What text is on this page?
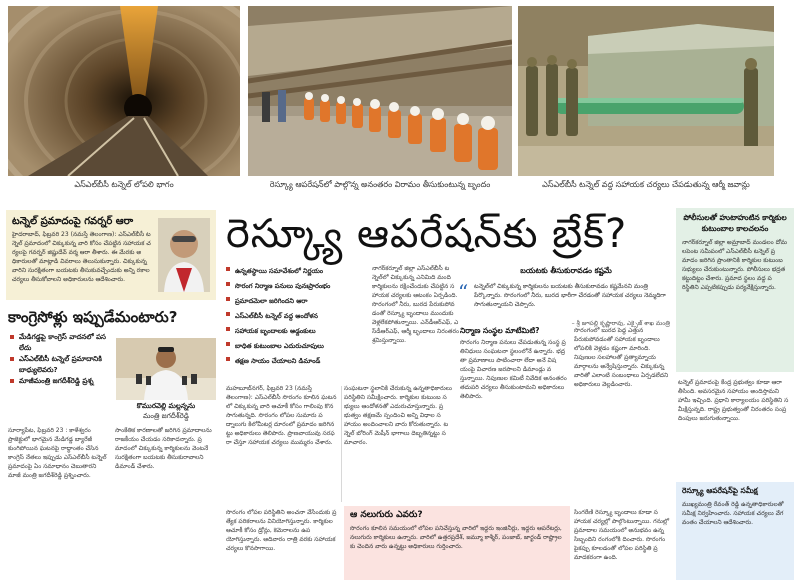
ఎస్‌ఎల్‌బీసీ టన్నెల్ లోపలి భాగం	రెస్క్యూ ఆపరేషన్‌లో పాల్గొన్న అనంతరం విరామం తీసుకుంటున్న బృందం	ఎస్‌ఎల్‌బీసీ టన్నెల్ వద్ద సహాయక చర్యలు చేపడుతున్న ఆర్మీ జవాన్లు
టన్నెల్ ప్రమాదంపై గవర్నర్ ఆరా
హైదరాబాద్, ఫిబ్రవరి 23 (నమస్తే తెలంగాణ): ఎస్‌ఎల్‌బీసీ టన్నెల్ ప్రమాదంలో చిక్కుకున్న వారి కోసం చేపట్టిన సహాయక చర్యలపై గవర్నర్ జిష్ణుదేవ్ వర్మ ఆరా తీశారు. ఈ మేరకు అధికారులతో మాట్లాడి వివరాలు తెలుసుకున్నారు. చిక్కుకున్న వారిని సురక్షితంగా బయటకు తీసుకువచ్చేందుకు అన్ని రకాల చర్యలు తీసుకోవాలని అధికారులను ఆదేశించారు.
కాంగ్రెసోళ్లు ఇప్పుడేమంటారు?
మేడిగడ్డపై కాంగ్రెస్ వాదనలో పస లేదు
ఎస్‌ఎల్‌బీసీ టన్నెల్ ప్రమాదానికి బాధ్యులెవరు?
మాజీమంత్రి జగదీశ్‌రెడ్డి ప్రశ్న
కొమురవెల్లి మల్లన్నను
మంత్రి జగదీశ్‌రెడ్డి
సూర్యాపేట, ఫిబ్రవరి 23 : కాళేశ్వరం ప్రాజెక్టులో భాగమైన మేడిగడ్డ బ్యారేజీ కుంగిపోయిన ఘటనపై రాద్ధాంతం చేసిన కాంగ్రెస్ నేతలు ఇప్పుడు ఎస్‌ఎల్‌బీసీ టన్నెల్ ప్రమాదంపై ఏం సమాధానం చెబుతారని మాజీ మంత్రి జగదీశ్‌రెడ్డి ప్రశ్నించారు. సాంకేతిక కారణాలతో జరిగిన ప్రమాదాలను రాజకీయం చేయడం సరికాదన్నారు. ప్రమాదంలో చిక్కుకున్న కార్మికులను వెంటనే సురక్షితంగా బయటకు తీసుకురావాలని డిమాండ్ చేశారు.
రెస్క్యూ ఆపరేషన్‌కు బ్రేక్?
ఉన్నతస్థాయి సమావేశంలో నిర్ణయం
సొరంగ నిర్మాణ పనులు పునఃప్రారంభం
ప్రమాదమెలా జరిగిందని ఆరా
ఎస్‌ఎల్‌బీసీ టన్నెల్ వద్ద ఆందోళన
సహాయక బృందాలకు అడ్డంకులు
బాధిత కుటుంబాల ఎదురుచూపులు
తక్షణ సాయం చేయాలని డిమాండ్
నాగర్‌కర్నూల్ జిల్లా ఎస్‌ఎల్‌బీసీ టన్నెల్‌లో చిక్కుకున్న ఎనిమిది మంది కార్మికులను రక్షించేందుకు చేపట్టిన సహాయక చర్యలకు ఆటంకం ఏర్పడింది. సొరంగంలో నీరు, బురద పేరుకుపోవడంతో రెస్క్యూ బృందాలు ముందుకు వెళ్లలేకపోతున్నాయి. ఎన్‌డీఆర్‌ఎఫ్, ఎస్‌డీఆర్‌ఎఫ్, ఆర్మీ బృందాలు నిరంతరం శ్రమిస్తున్నాయి.
బయటకు తీసుకురావడం కష్టమే
“ టన్నెల్‌లో చిక్కుకున్న కార్మికులను బయటకు తీసుకురావడం కష్టమేనని మంత్రి పేర్కొన్నారు. సొరంగంలో నీరు, బురద భారీగా చేరడంతో సహాయక చర్యలు నెమ్మదిగా సాగుతున్నాయని చెప్పారు.
– శ్రీ జూపల్లి కృష్ణారావు, ఎక్సైజ్ శాఖ మంత్రి
మహబూబ్‌నగర్, ఫిబ్రవరి 23 (నమస్తే తెలంగాణ): ఎస్‌ఎల్‌బీసీ సొరంగం కూలిన ఘటనలో చిక్కుకున్న వారి ఆచూకీ కోసం గాలింపు కొనసాగుతున్నది. సొరంగం లోపల సుమారు పద్నాలుగు కిలోమీటర్ల దూరంలో ప్రమాదం జరిగినట్టు అధికారులు తెలిపారు. ప్రాణవాయువు సరఫరా చేస్తూ సహాయక చర్యలు ముమ్మరం చేశారు.
సంఘటనా స్థలానికి చేరుకున్న ఉన్నతాధికారులు పరిస్థితిని సమీక్షించారు. కార్మికుల కుటుంబ సభ్యులు ఆందోళనతో ఎదురుచూస్తున్నారు. ప్రభుత్వం తక్షణమే స్పందించి అన్ని విధాల సహాయం అందించాలని వారు కోరుతున్నారు. టన్నెల్ బోరింగ్ మెషీన్ భాగాలు దెబ్బతిన్నట్టు సమాచారం.
నిర్మాణ సంస్థల మాటేమిటి?
సొరంగం నిర్మాణ పనులు చేపడుతున్న సంస్థ ప్రతినిధులు సంఘటనా స్థలంలోనే ఉన్నారు. భద్రతా ప్రమాణాలు పాటించారా లేదా అనే విషయంపై విచారణ జరపాలని డిమాండ్లు వస్తున్నాయి. నిపుణుల కమిటీ నివేదిక అనంతరం తదుపరి చర్యలు తీసుకుంటామని అధికారులు తెలిపారు.
సొరంగంలో బురద పెద్ద ఎత్తున పేరుకుపోవడంతో సహాయక బృందాలు లోపలికి వెళ్లడం కష్టంగా మారింది. నిపుణుల సలహాలతో ప్రత్యామ్నాయ మార్గాలను అన్వేషిస్తున్నారు. చిక్కుకున్న వారితో ఎలాంటి సంబంధాలు ఏర్పడలేదని అధికారులు వెల్లడించారు.
ఆ నలుగురు ఎవరు?
సొరంగం కూలిన సమయంలో లోపల పనిచేస్తున్న వారిలో ఇద్దరు ఇంజినీర్లు, ఇద్దరు ఆపరేటర్లు, నలుగురు కార్మికులు ఉన్నారు. వారిలో ఉత్తరప్రదేశ్, జమ్మూ కాశ్మీర్, పంజాబ్, జార్ఖండ్ రాష్ట్రాలకు చెందిన వారు ఉన్నట్టు అధికారులు గుర్తించారు.
సొరంగం లోపల పరిస్థితిని అంచనా వేసేందుకు ప్రత్యేక పరికరాలను వినియోగిస్తున్నారు. కార్మికుల ఆచూకీ కోసం డ్రోన్లు, కెమెరాలను ఉపయోగిస్తున్నారు. ఆదివారం రాత్రి వరకు సహాయక చర్యలు కొనసాగాయి.
సింగరేణి రెస్క్యూ బృందాలు కూడా సహాయక చర్యల్లో పాల్గొంటున్నాయి. గనుల్లో ప్రమాదాల సమయంలో అనుభవం ఉన్న సిబ్బందిని రంగంలోకి దించారు. సొరంగం పైకప్పు కూలడంతో లోపల పరిస్థితి ప్రమాదకరంగా ఉంది.
పోలీసులతో హుటాహుటిన కార్మికుల కుటుంబాల కాలచలనం
నాగర్‌కర్నూల్ జిల్లా అమ్రాబాద్ మండలం దోమలపెంట సమీపంలో ఎస్‌ఎల్‌బీసీ టన్నెల్ ప్రమాదం జరిగిన ప్రాంతానికి కార్మికుల కుటుంబ సభ్యులు చేరుకుంటున్నారు. పోలీసులు భద్రత కట్టుదిట్టం చేశారు. ప్రమాద స్థలం వద్ద పరిస్థితిని ఎప్పటికప్పుడు పర్యవేక్షిస్తున్నారు.
టన్నెల్ ప్రమాదంపై కేంద్ర ప్రభుత్వం కూడా ఆరా తీసింది. అవసరమైన సహాయం అందిస్తామని హామీ ఇచ్చింది. ప్రధాని కార్యాలయం పరిస్థితిని సమీక్షిస్తున్నది. రాష్ట్ర ప్రభుత్వంతో నిరంతరం సంప్రదింపులు జరుగుతున్నాయి.
రెస్క్యూ ఆపరేషన్‌పై సమీక్ష
ముఖ్యమంత్రి రేవంత్ రెడ్డి ఉన్నతాధికారులతో సమీక్ష నిర్వహించారు. సహాయక చర్యలు వేగవంతం చేయాలని ఆదేశించారు.
